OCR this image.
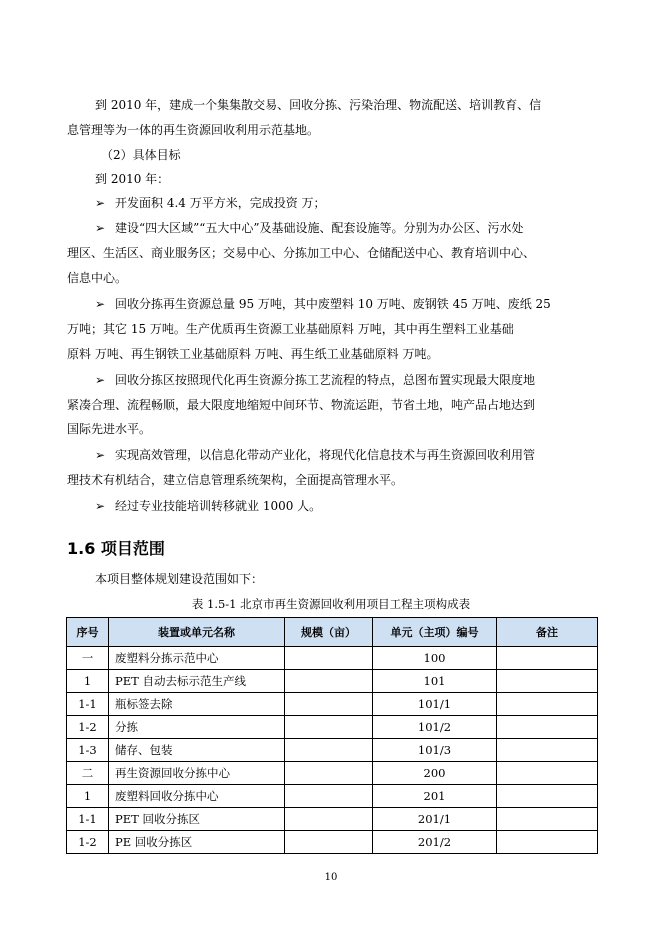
到 2010 年，建成一个集集散交易、回收分拣、污染治理、物流配送、培训教育、信
息管理等为一体的再生资源回收利用示范基地。
（2）具体目标
到 2010 年：
➢ 开发面积 4.4 万平方米，完成投资 万；
➢ 建设“四大区域”“五大中心”及基础设施、配套设施等。分别为办公区、污水处
理区、生活区、商业服务区；交易中心、分拣加工中心、仓储配送中心、教育培训中心、
信息中心。
➢ 回收分拣再生资源总量 95 万吨，其中废塑料 10 万吨、废钢铁 45 万吨、废纸 25
万吨；其它 15 万吨。生产优质再生资源工业基础原料 万吨，其中再生塑料工业基础
原料 万吨、再生钢铁工业基础原料 万吨、再生纸工业基础原料 万吨。
➢ 回收分拣区按照现代化再生资源分拣工艺流程的特点，总图布置实现最大限度地
紧凑合理、流程畅顺，最大限度地缩短中间环节、物流运距，节省土地，吨产品占地达到
国际先进水平。
➢ 实现高效管理，以信息化带动产业化，将现代化信息技术与再生资源回收利用管
理技术有机结合，建立信息管理系统架构，全面提高管理水平。
➢ 经过专业技能培训转移就业 1000 人。
1.6 项目范围
本项目整体规划建设范围如下：
表 1.5-1 北京市再生资源回收利用项目工程主项构成表
序号	装置或单元名称	规模（亩）	单元（主项）编号	备注
一	废塑料分拣示范中心		100	
1	PET 自动去标示范生产线		101	
1-1	瓶标签去除		101/1	
1-2	分拣		101/2	
1-3	储存、包装		101/3	
二	再生资源回收分拣中心		200	
1	废塑料回收分拣中心		201	
1-1	PET 回收分拣区		201/1	
1-2	PE 回收分拣区		201/2	
10
